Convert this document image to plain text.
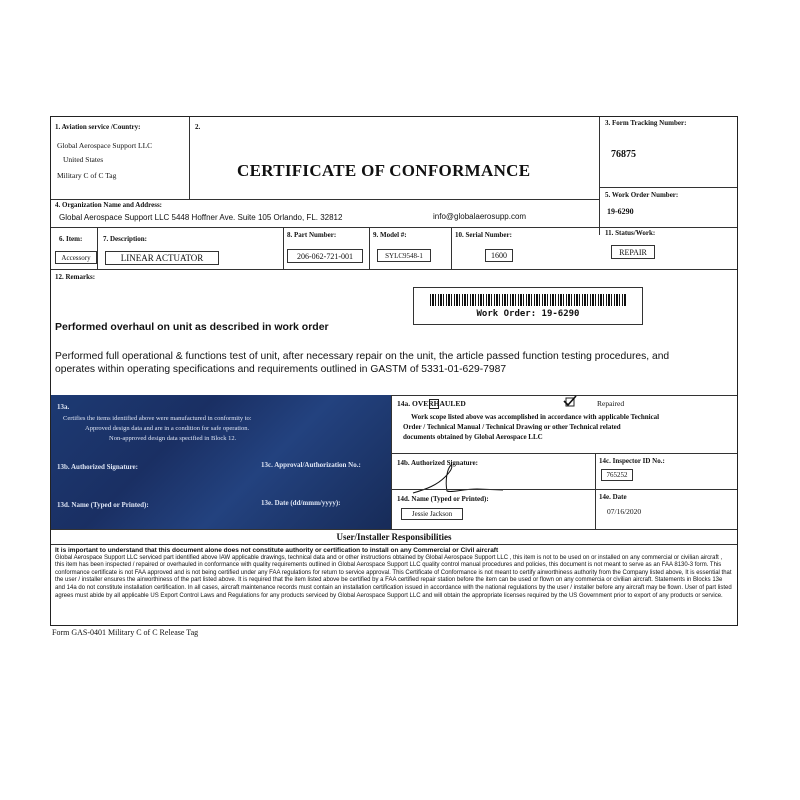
1. Aviation service /Country:
Global Aerospace Support LLC
United States
Military C of C Tag
2.
CERTIFICATE OF CONFORMANCE
3. Form Tracking Number:
76875
5. Work Order Number:
19-6290
4. Organization Name and Address:
Global Aerospace Support LLC 5448 Hoffner Ave. Suite 105 Orlando, FL. 32812	info@globalaerosupp.com
6. Item:
Accessory
7. Description:
LINEAR ACTUATOR
8. Part Number:
206-062-721-001
9. Model #:
SYLC9548-1
10. Serial Number:
1600
11. Status/Work:
REPAIR
12. Remarks:
Work Order: 19-6290
Performed overhaul on unit as described in work order
Performed full operational & functions test of unit, after necessary repair on the unit, the article passed function testing procedures, and
operates within operating specifications and requirements outlined in GASTM of 5331-01-629-7987
13a.
Certifies the items identified above were manufactured in conformity to:
Approved design data and are in a condition for safe operation.
Non-approved design data specified in Block 12.
13b. Authorized Signature:	13c. Approval/Authorization No.:
13d. Name (Typed or Printed):	13e. Date (dd/mmm/yyyy):
14a. OVERHAULED	Repaired
Work scope listed above was accomplished in accordance with applicable Technical
Order / Technical Manual / Technical Drawing or other Technical related
documents obtained by Global Aerospace LLC
14b. Authorized Signature:	14c. Inspector ID No.:
765252
14d. Name (Typed or Printed):
Jessie Jackson
14e. Date
07/16/2020
User/Installer Responsibilities
It is important to understand that this document alone does not constitute authority or certification to install on any Commercial or Civil aircraft
Global Aerospace Support LLC serviced part identified above IAW applicable drawings, technical data and or other instructions obtained by Global Aerospace Support LLC , this item is not to be used on or installed on any commercial or civilian aircraft , this item has been inspected / repaired or overhauled in conformance with quality requirements outlined in Global Aerospace Support LLC quality control manual procedures and policies, this document is not meant to serve as an FAA 8130-3 form. This conformance certificate is not FAA approved and is not being certified under any FAA regulations for return to service approval. This Certificate of Conformance is not meant to certify airworthiness authority from the Company listed above, It is essential that the user / installer ensures the airworthiness of the part listed above. It is required that the item listed above be certified by a FAA certified repair station before the item can be used or flown on any commercia or civilian aircraft. Statements in Blocks 13e and 14a do not constitute installation certification. In all cases, aircraft maintenance records must contain an installation certification issued in accordance with the national regulations by the user / installer before any aircraft may be flown. User of part listed agrees must abide by all applicable US Export Control Laws and Regulations for any products serviced by Global Aerospace Support LLC and will obtain the appropriate licenses required by the US Government prior to export of any products or service.
Form GAS-0401 Military C of C Release Tag
